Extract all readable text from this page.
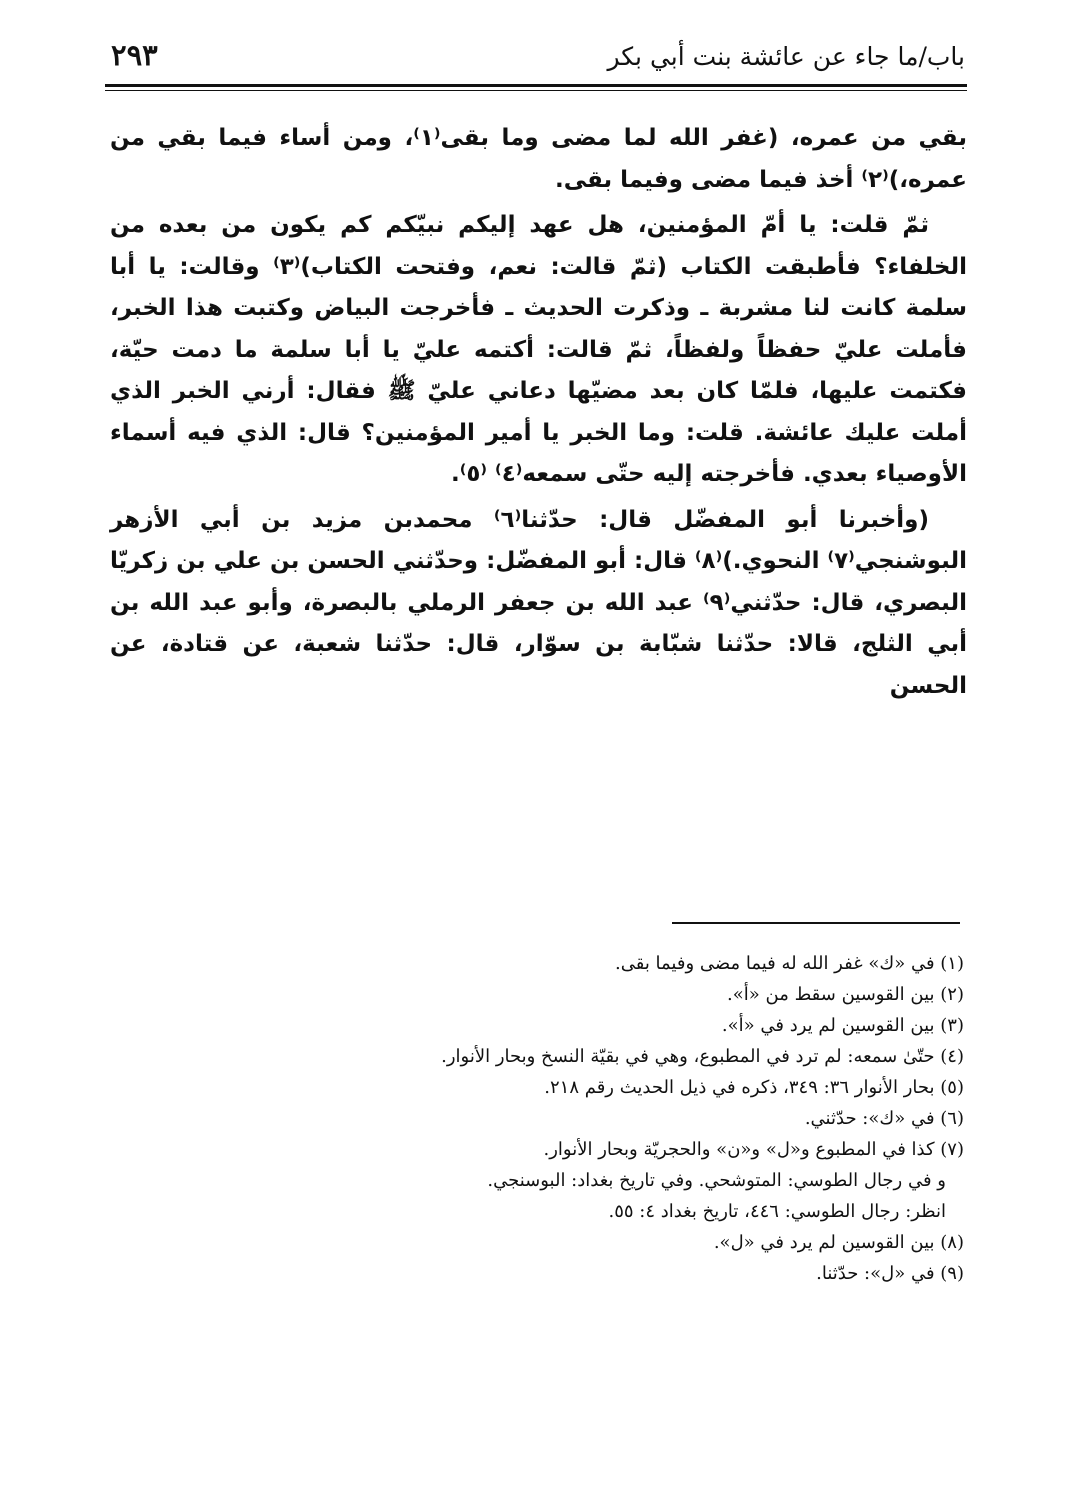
باب/ما جاء عن عائشة بنت أبي بكر
٢٩٣

بقي من عمره، (غفر الله لما مضى وما بقى⁽١⁾، ومن أساء فيما بقي من عمره،)⁽٢⁾ أخذ فيما مضى وفيما بقى.

ثمّ قلت: يا أمّ المؤمنين، هل عهد إليكم نبيّكم كم يكون من بعده من الخلفاء؟ فأطبقت الكتاب (ثمّ قالت: نعم، وفتحت الكتاب)⁽٣⁾ وقالت: يا أبا سلمة كانت لنا مشربة ـ وذكرت الحديث ـ فأخرجت البياض وكتبت هذا الخبر، فأملت عليّ حفظاً ولفظاً، ثمّ قالت: أكتمه عليّ يا أبا سلمة ما دمت حيّة، فكتمت عليها، فلمّا كان بعد مضيّها دعاني عليّ ﷺ فقال: أرني الخبر الذي أملت عليك عائشة. قلت: وما الخبر يا أمير المؤمنين؟ قال: الذي فيه أسماء الأوصياء بعدي. فأخرجته إليه حتّى سمعه⁽٤⁾ ⁽٥⁾.

(وأخبرنا أبو المفضّل قال: حدّثنا⁽٦⁾ محمدبن مزيد بن أبي الأزهر البوشنجي⁽٧⁾ النحوي.)⁽٨⁾ قال: أبو المفضّل: وحدّثني الحسن بن علي بن زكريّا البصري، قال: حدّثني⁽٩⁾ عبد الله بن جعفر الرملي بالبصرة، وأبو عبد الله بن أبي الثلج، قالا: حدّثنا شبّابة بن سوّار، قال: حدّثنا شعبة، عن قتادة، عن الحسن

(١) في «ك» غفر الله له فيما مضى وفيما بقى.
(٢) بين القوسين سقط من «أ».
(٣) بين القوسين لم يرد في «أ».
(٤) حتّىٰ سمعه: لم ترد في المطبوع، وهي في بقيّة النسخ وبحار الأنوار.
(٥) بحار الأنوار ٣٦: ٣٤٩، ذكره في ذيل الحديث رقم ٢١٨.
(٦) في «ك»: حدّثني.
(٧) كذا في المطبوع و«ل» و«ن» والحجريّة وبحار الأنوار.
و في رجال الطوسي: المتوشحي. وفي تاريخ بغداد: البوسنجي.
انظر: رجال الطوسي: ٤٤٦، تاريخ بغداد ٤: ٥٥.
(٨) بين القوسين لم يرد في «ل».
(٩) في «ل»: حدّثنا.
